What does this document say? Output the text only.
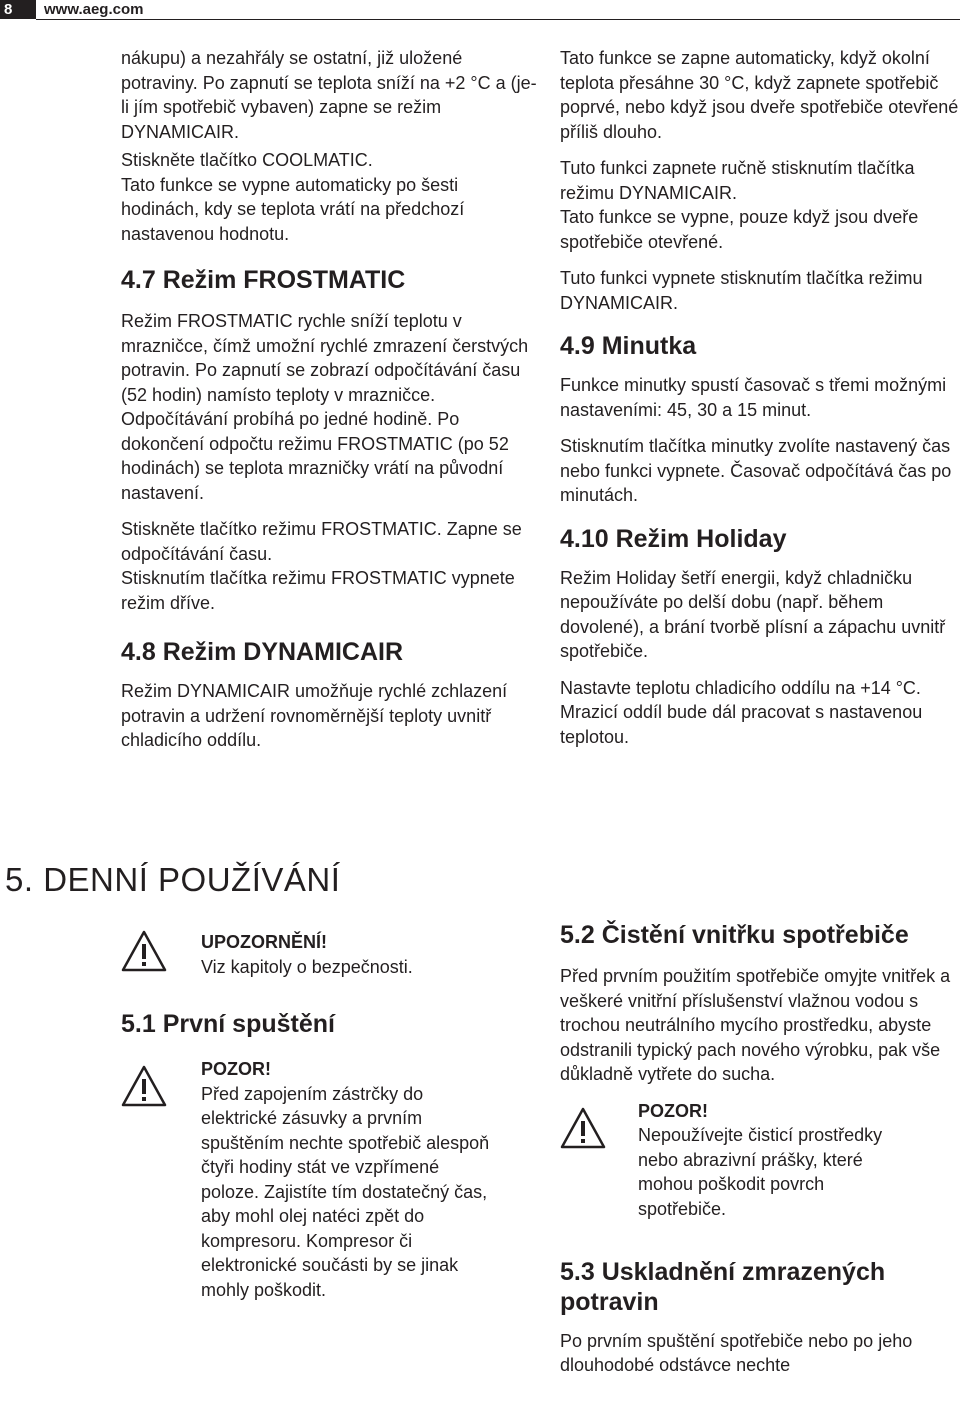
8	www.aeg.com

nákupu) a nezahřály se ostatní, již uložené potraviny. Po zapnutí se teplota sníží na +2 °C a (je-li jím spotřebič vybaven) zapne se režim DYNAMICAIR.

Stiskněte tlačítko COOLMATIC.
Tato funkce se vypne automaticky po šesti hodinách, kdy se teplota vrátí na předchozí nastavenou hodnotu.

4.7 Režim FROSTMATIC

Režim FROSTMATIC rychle sníží teplotu v mrazničce, čímž umožní rychlé zmrazení čerstvých potravin. Po zapnutí se zobrazí odpočítávání času (52 hodin) namísto teploty v mrazničce. Odpočítávání probíhá po jedné hodině. Po dokončení odpočtu režimu FROSTMATIC (po 52 hodinách) se teplota mrazničky vrátí na původní nastavení.

Stiskněte tlačítko režimu FROSTMATIC. Zapne se odpočítávání času.
Stisknutím tlačítka režimu FROSTMATIC vypnete režim dříve.

4.8 Režim DYNAMICAIR

Režim DYNAMICAIR umožňuje rychlé zchlazení potravin a udržení rovnoměrnější teploty uvnitř chladicího oddílu.

5. DENNÍ POUŽÍVÁNÍ

UPOZORNĚNÍ!

Viz kapitoly o bezpečnosti.

5.1 První spuštění

POZOR!

Před zapojením zástrčky do elektrické zásuvky a prvním spuštěním nechte spotřebič alespoň čtyři hodiny stát ve vzpřímené poloze. Zajistíte tím dostatečný čas, aby mohl olej natéci zpět do kompresoru. Kompresor či elektronické součásti by se jinak mohly poškodit.

Tato funkce se zapne automaticky, když okolní teplota přesáhne 30 °C, když zapnete spotřebič poprvé, nebo když jsou dveře spotřebiče otevřené příliš dlouho.

Tuto funkci zapnete ručně stisknutím tlačítka režimu DYNAMICAIR.
Tato funkce se vypne, pouze když jsou dveře spotřebiče otevřené.

Tuto funkci vypnete stisknutím tlačítka režimu DYNAMICAIR.

4.9 Minutka

Funkce minutky spustí časovač s třemi možnými nastaveními: 45, 30 a 15 minut.

Stisknutím tlačítka minutky zvolíte nastavený čas nebo funkci vypnete. Časovač odpočítává čas po minutách.

4.10 Režim Holiday

Režim Holiday šetří energii, když chladničku nepoužíváte po delší dobu (např. během dovolené), a brání tvorbě plísní a zápachu uvnitř spotřebiče.

Nastavte teplotu chladicího oddílu na +14 °C.
Mrazicí oddíl bude dál pracovat s nastavenou teplotou.

5.2 Čistění vnitřku spotřebiče

Před prvním použitím spotřebiče omyjte vnitřek a veškeré vnitřní příslušenství vlažnou vodou s trochou neutrálního mycího prostředku, abyste odstranili typický pach nového výrobku, pak vše důkladně vytřete do sucha.

POZOR!

Nepoužívejte čisticí prostředky nebo abrazivní prášky, které mohou poškodit povrch spotřebiče.

5.3 Uskladnění zmrazených potravin

Po prvním spuštění spotřebiče nebo po jeho dlouhodobé odstávce nechte
